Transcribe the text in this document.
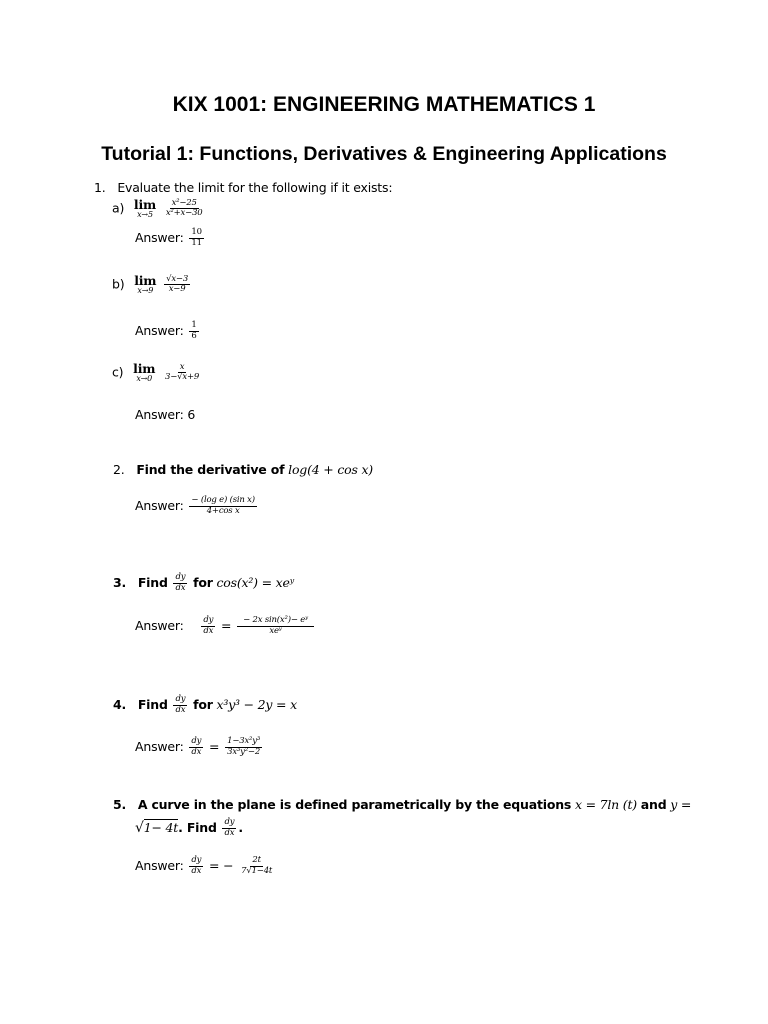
KIX 1001: ENGINEERING MATHEMATICS 1
Tutorial 1: Functions, Derivatives & Engineering Applications
1. Evaluate the limit for the following if it exists:
a) lim
x→5
$\frac{\text{x²−25}}{\text{x²+x−30}}$
Answer: $\frac{10}{11}$
b) lim
x→9
$\frac{√x-3}{x-9}$
Answer: $\frac{1}{6}$
c) lim
x→0
$\frac{x}{3-√x+9}$
Answer: 6
2. Find the derivative of log(4 + cos x)
Answer: $\frac{\text{− (log e) (sin x)}}{\text{4+cos x}}$
3. Find $\frac{dy}{dx}$ for cos(x²) = xeʸ
Answer: $\frac{dy}{dx} = \frac{\text{− 2x sin(x²)− eʸ}}{\text{xeʸ}}$
4. Find $\frac{dy}{dx}$ for x³y³ − 2y = x
Answer: $\frac{dy}{dx} = \frac{\text{1−3x²y³}}{\text{3x³y²−2}}$
5. A curve in the plane is defined parametrically by the equations x = 7ln (t) and y =
√1− 4t. Find $\frac{dy}{dx}$ .
Answer: $\frac{dy}{dx}$ = − $\frac{2t}{7√1-4t}$
